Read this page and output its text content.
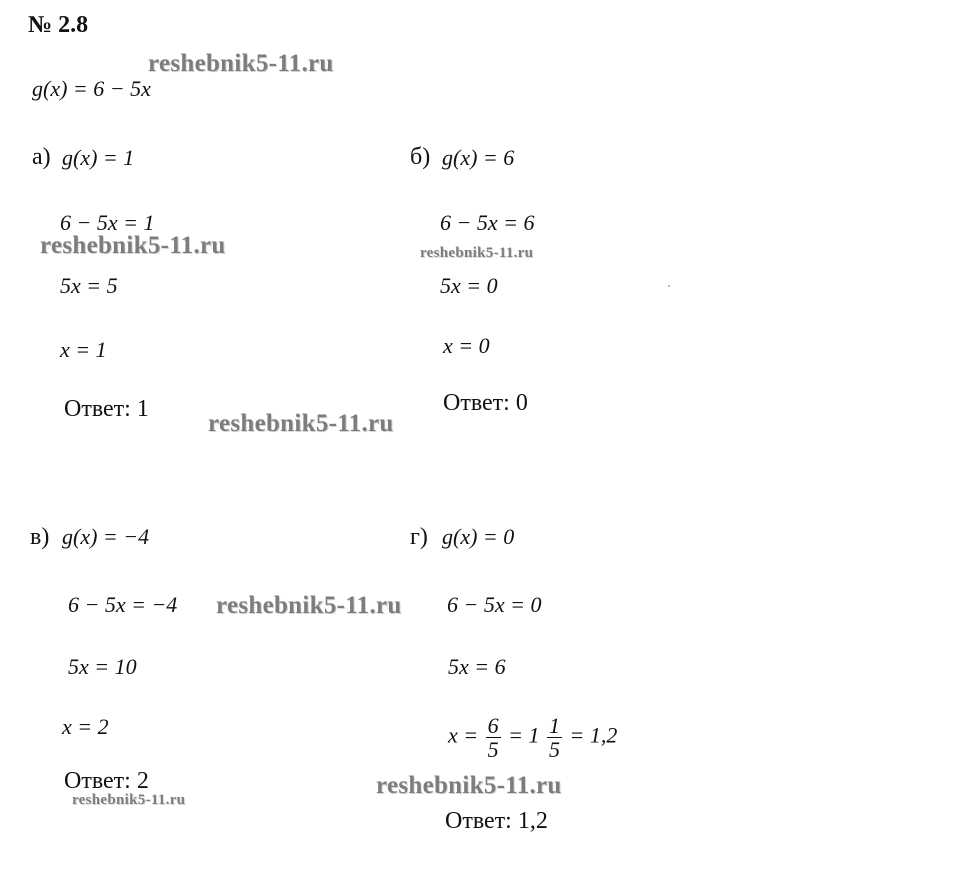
№ 2.8
g(x) = 6 − 5x
а) g(x) = 1
6 − 5x = 1
5x = 5
x = 1
Ответ: 1
б) g(x) = 6
6 − 5x = 6
5x = 0
x = 0
Ответ: 0
в) g(x) = −4
6 − 5x = −4
5x = 10
x = 2
Ответ: 2
г) g(x) = 0
6 − 5x = 0
5x = 6
$x = \frac{6}{5} = 1 \frac{1}{5} = 1,2$
Ответ: 1,2
reshebnik5-11.ru
reshebnik5-11.ru	reshebnik5-11.ru
reshebnik5-11.ru
reshebnik5-11.ru
reshebnik5-11.ru
reshebnik5-11.ru
